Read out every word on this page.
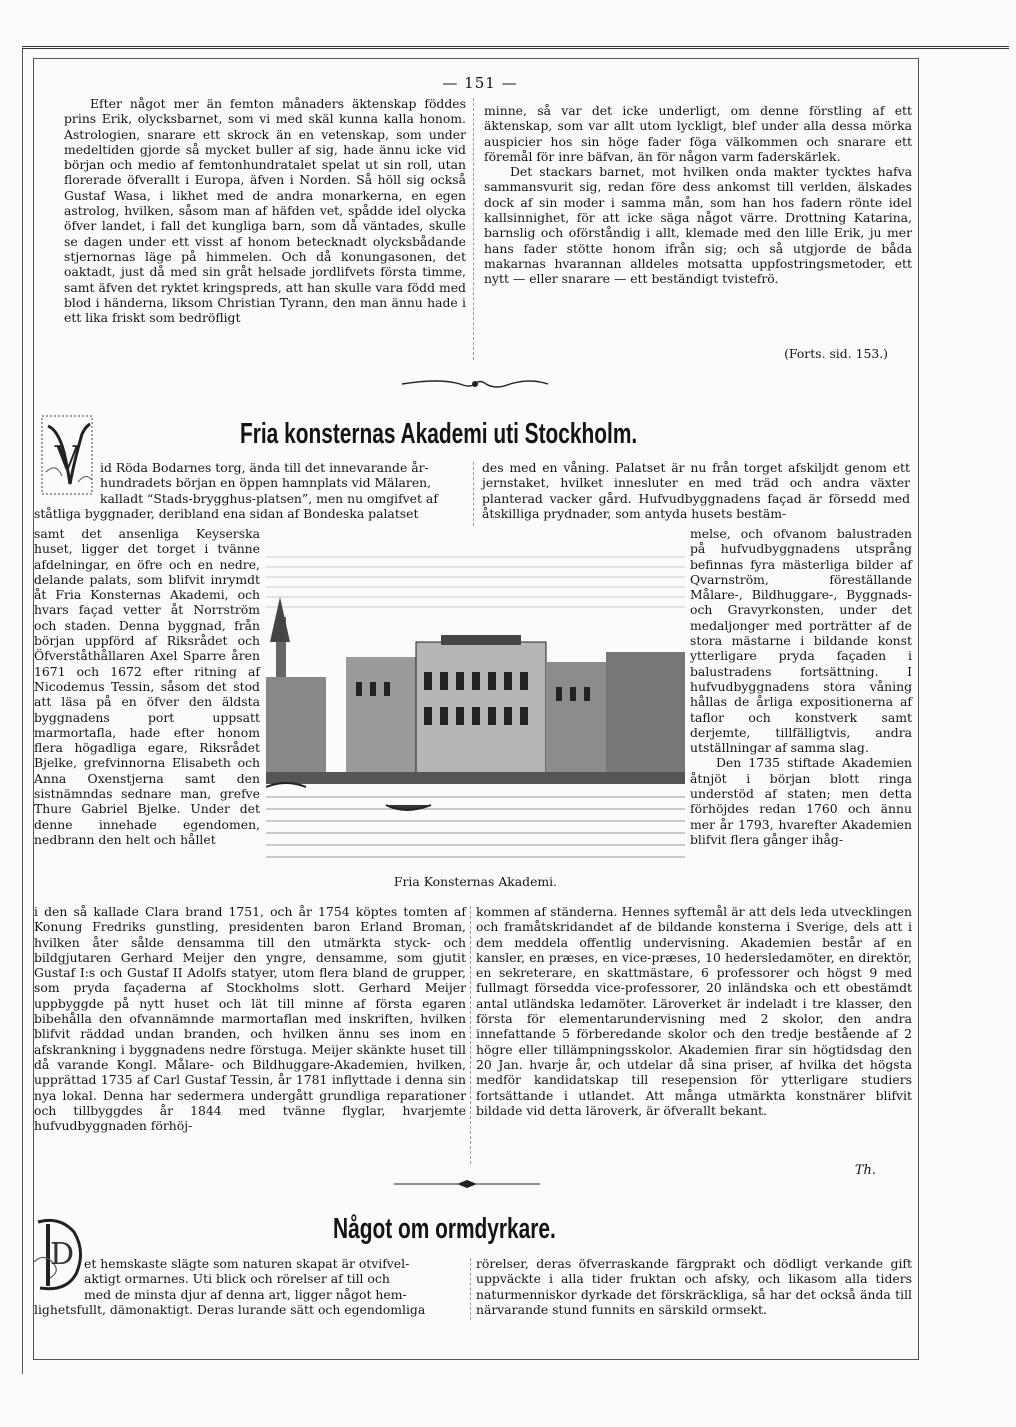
— 151 —

Efter något mer än femton månaders äktenskap föddes prins Erik, olycksbarnet, som vi med skäl kunna kalla honom. Astrologien, snarare ett skrock än en vetenskap, som under medeltiden gjorde så mycket buller af sig, hade ännu icke vid början och medio af femtonhundratalet spelat ut sin roll, utan florerade öfverallt i Europa, äfven i Norden. Så höll sig också Gustaf Wasa, i likhet med de andra monarkerna, en egen astrolog, hvilken, såsom man af häfden vet, spådde idel olycka öfver landet, i fall det kungliga barn, som då väntades, skulle se dagen under ett visst af honom betecknadt olycksbådande stjernornas läge på himmelen. Och då konungasonen, det oaktadt, just då med sin gråt helsade jordlifvets första timme, samt äfven det ryktet kringspreds, att han skulle vara född med blod i händerna, liksom Christian Tyrann, den man ännu hade i ett lika friskt som bedröfligt

minne, så var det icke underligt, om denne förstling af ett äktenskap, som var allt utom lyckligt, blef under alla dessa mörka auspicier hos sin höge fader föga välkommen och snarare ett föremål för inre bäfvan, än för någon varm faderskärlek.

Det stackars barnet, mot hvilken onda makter tycktes hafva sammansvurit sig, redan före dess ankomst till verlden, älskades dock af sin moder i samma mån, som han hos fadern rönte idel kallsinnighet, för att icke säga något värre. Drottning Katarina, barnslig och oförståndig i allt, klemade med den lille Erik, ju mer hans fader stötte honom ifrån sig; och så utgjorde de båda makarnas hvarannan alldeles motsatta uppfostringsmetoder, ett nytt — eller snarare — ett beständigt tvistefrö.

(Forts. sid. 153.)
V
Fria konsternas Akademi uti Stockholm.
id Röda Bodarnes torg, ända till det innevarande år-
hundradets början en öppen hamnplats vid Mälaren,
kalladt “Stads-brygghus-platsen”, men nu omgifvet af
ståtliga byggnader, deribland ena sidan af Bondeska palatset

des med en våning. Palatset är nu från torget afskiljdt genom ett jernstaket, hvilket innesluter en med träd och andra växter planterad vacker gård. Hufvudbyggnadens façad är försedd med åtskilliga prydnader, som antyda husets bestäm-

samt det ansenliga Keyserska huset, ligger det torget i tvänne afdelningar, en öfre och en nedre, delande palats, som blifvit inrymdt åt Fria Konsternas Akademi, och hvars façad vetter åt Norrström och staden. Denna byggnad, från början uppförd af Riksrådet och Öfverståthållaren Axel Sparre åren 1671 och 1672 efter ritning af Nicodemus Tessin, såsom det stod att läsa på en öfver den äldsta byggnadens port uppsatt marmortafla, hade efter honom flera högadliga egare, Riksrådet Bjelke, grefvinnorna Elisabeth och Anna Oxenstjerna samt den sistnämndas sednare man, grefve Thure Gabriel Bjelke. Under det denne innehade egendomen, nedbrann den helt och hållet

Fria Konsternas Akademi.

melse, och ofvanom balustraden på hufvudbyggnadens utsprång befinnas fyra mästerliga bilder af Qvarnström, föreställande Målare-, Bildhuggare-, Byggnads- och Gravyrkonsten, under det medaljonger med porträtter af de stora mästarne i bildande konst ytterligare pryda façaden i balustradens fortsättning. I hufvudbyggnadens stora våning hållas de årliga expositionerna af taflor och konstverk samt derjemte, tillfälligtvis, andra utställningar af samma slag.

Den 1735 stiftade Akademien åtnjöt i början blott ringa understöd af staten; men detta förhöjdes redan 1760 och ännu mer år 1793, hvarefter Akademien blifvit flera gånger ihåg-

i den så kallade Clara brand 1751, och år 1754 köptes tomten af Konung Fredriks gunstling, presidenten baron Erland Broman, hvilken åter sålde densamma till den utmärkta styck- och bildgjutaren Gerhard Meijer den yngre, densamme, som gjutit Gustaf I:s och Gustaf II Adolfs statyer, utom flera bland de grupper, som pryda façaderna af Stockholms slott. Gerhard Meijer uppbyggde på nytt huset och lät till minne af första egaren bibehålla den ofvannämnde marmortaflan med inskriften, hvilken blifvit räddad undan branden, och hvilken ännu ses inom en afskrankning i byggnadens nedre förstuga. Meijer skänkte huset till då varande Kongl. Målare- och Bildhuggare-Akademien, hvilken, upprättad 1735 af Carl Gustaf Tessin, år 1781 inflyttade i denna sin nya lokal. Denna har sedermera undergått grundliga reparationer och tillbyggdes år 1844 med tvänne flyglar, hvarjemte hufvudbyggnaden förhöj-

kommen af ständerna. Hennes syftemål är att dels leda utvecklingen och framåtskridandet af de bildande konsterna i Sverige, dels att i dem meddela offentlig undervisning. Akademien består af en kansler, en præses, en vice-præses, 10 hedersledamöter, en direktör, en sekreterare, en skattmästare, 6 professorer och högst 9 med fullmagt försedda vice-professorer, 20 inländska och ett obestämdt antal utländska ledamöter. Läroverket är indeladt i tre klasser, den första för elementarundervisning med 2 skolor, den andra innefattande 5 förberedande skolor och den tredje bestående af 2 högre eller tillämpningsskolor. Akademien firar sin högtidsdag den 20 Jan. hvarje år, och utdelar då sina priser, af hvilka det högsta medför kandidatskap till resepension för ytterligare studiers fortsättande i utlandet. Att många utmärkta konstnärer blifvit bildade vid detta läroverk, är öfverallt bekant.

Th.
D
Något om ormdyrkare.
et hemskaste slägte som naturen skapat är otvifvel-
aktigt ormarnes. Uti blick och rörelser af till och
med de minsta djur af denna art, ligger något hem-
lighetsfullt, dämonaktigt. Deras lurande sätt och egendomliga

rörelser, deras öfverraskande färgprakt och dödligt verkande gift uppväckte i alla tider fruktan och afsky, och likasom alla tiders naturmenniskor dyrkade det förskräckliga, så har det också ända till närvarande stund funnits en särskild ormsekt.
